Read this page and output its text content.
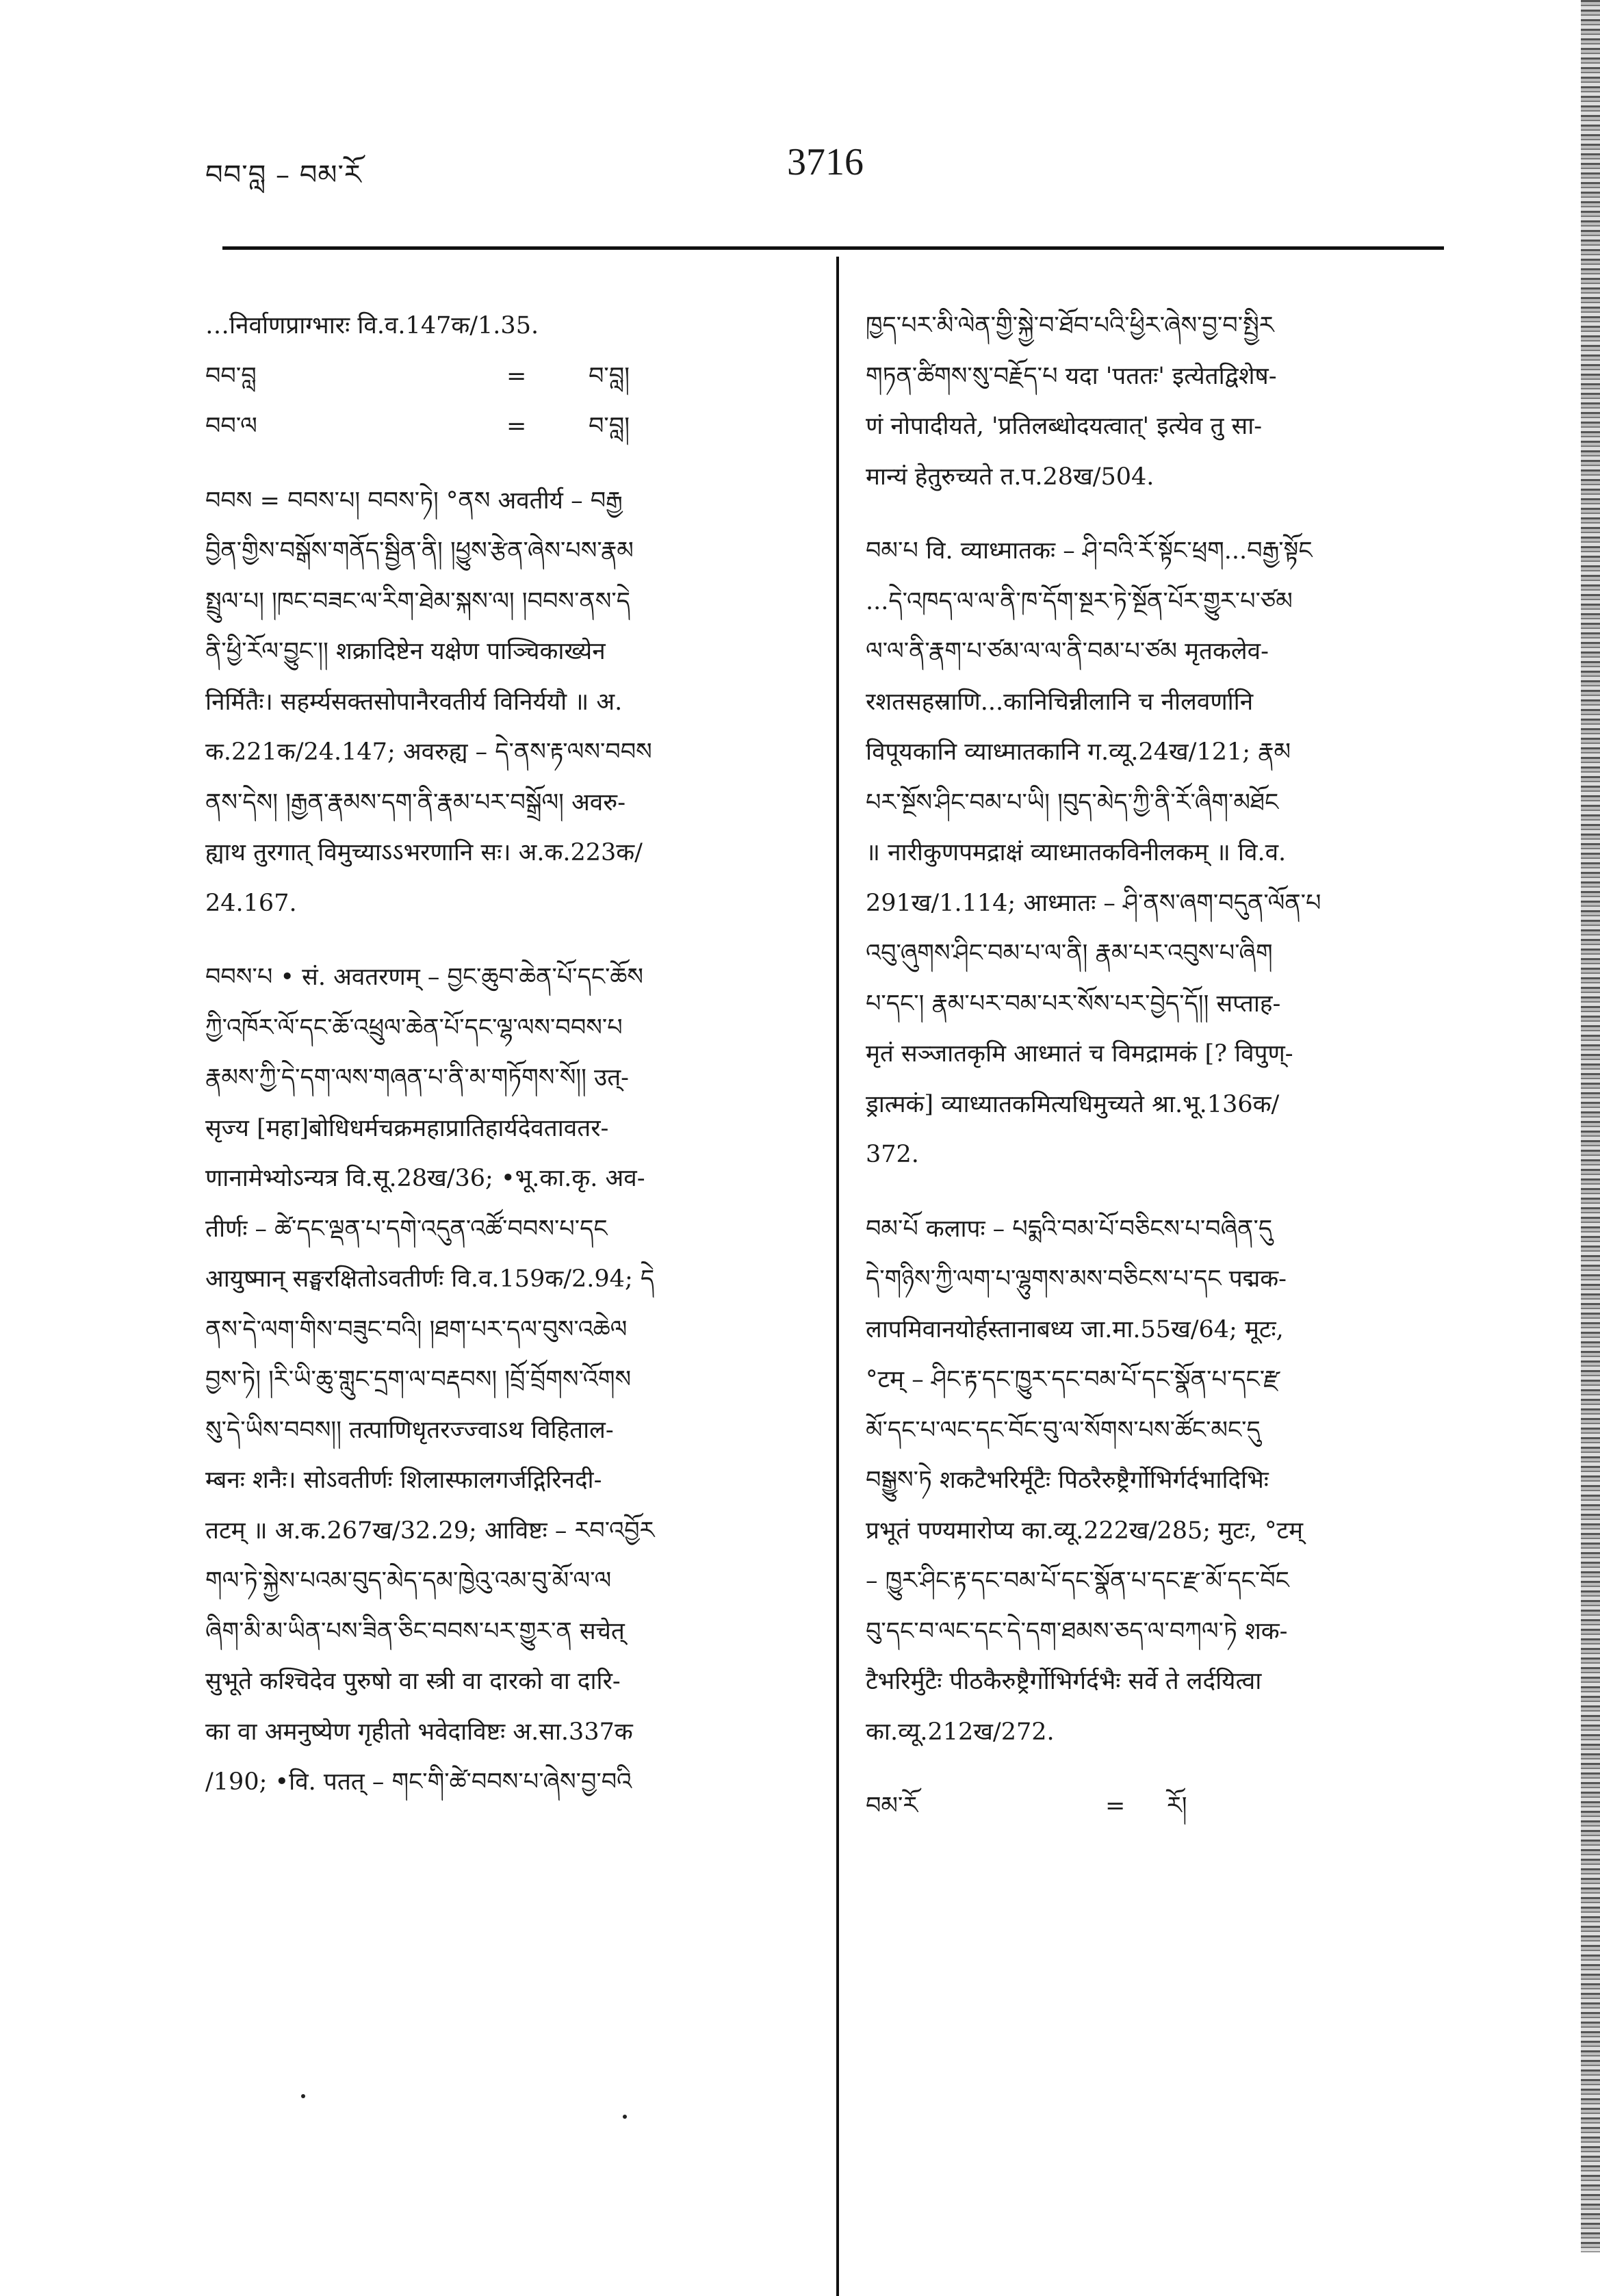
བབ་བླ – བམ་རོ	3716
…निर्वाणप्राग्भारः वि.व.147क/1.35.
བབ་བླ	=	བ་བླ།
བབ་ལ	=	བ་བླ།
བབས = བབས་པ། བབས་ཏེ། °ནས अवतीर्य – བརྒྱ
བྱིན་གྱིས་བསྒོས་གནོད་སྦྱིན་ནི། །ཕྱུས་རྩེན་ཞེས་པས་རྣམ
སྤྲུལ་པ། །ཁང་བཟང་ལ་རིག་ཐེམ་སྐས་ལ། །བབས་ནས་དེ
ནི་ཕྱི་རོལ་བྱུང་།། शक्रादिष्टेन यक्षेण पाञ्चिकाख्येन
निर्मितैः। सहर्म्यसक्तसोपानैरवतीर्य विनिर्ययौ ॥ अ.
क.221क/24.147; अवरुह्य – དེ་ནས་རྟ་ལས་བབས
ནས་དེས། །རྒྱན་རྣམས་དག་ནི་རྣམ་པར་བསྒྲོལ། अवरु-
ह्याथ तुरगात् विमुच्याऽऽभरणानि सः। अ.क.223क/
24.167.
བབས་པ • सं. अवतरणम् – བྱང་ཆུབ་ཆེན་པོ་དང་ཆོས
ཀྱི་འཁོར་ལོ་དང་ཆོ་འཕྲུལ་ཆེན་པོ་དང་ལྷ་ལས་བབས་པ
རྣམས་ཀྱི་དེ་དག་ལས་གཞན་པ་ནི་མ་གཏོགས་སོ།། उत्-
सृज्य [महा]बोधिधर्मचक्रमहाप्रातिहार्यदेवतावतर-
णानामेभ्योऽन्यत्र वि.सू.28ख/36; •भू.का.कृ. अव-
तीर्णः – ཚེ་དང་ལྡན་པ་དགེ་འདུན་འཚོ་བབས་པ་དང
आयुष्मान् सङ्घरक्षितोऽवतीर्णः वि.व.159क/2.94; དེ
ནས་དེ་ལག་གིས་བཟུང་བའི། །ཐག་པར་དལ་བུས་འཆེལ
བྱས་ཏེ། །རི་ཡི་ཆུ་གླུང་དྲག་ལ་བརྡབས། །བྲོ་བྲོགས་འོགས
སུ་དེ་ཡིས་བབས།། तत्पाणिधृतरज्ज्वाऽथ विहिताल-
म्बनः शनैः। सोऽवतीर्णः शिलास्फालगर्जद्गिरिनदी-
तटम् ॥ अ.क.267ख/32.29; आविष्टः – རབ་འབྱོར
གལ་ཏེ་སྐྱེས་པའམ་བུད་མེད་དམ་ཁྱེའུ་འམ་བུ་མོ་ལ་ལ
ཞིག་མི་མ་ཡིན་པས་ཟིན་ཅིང་བབས་པར་གྱུར་ན सचेत्
सुभूते कश्चिदेव पुरुषो वा स्त्री वा दारको वा दारि-
का वा अमनुष्येण गृहीतो भवेदाविष्टः अ.सा.337क
/190; •वि. पतत् – གང་གི་ཚེ་བབས་པ་ཞེས་བྱ་བའི
ཁྱད་པར་མི་ལེན་གྱི་སྐྱེ་བ་ཐོབ་པའི་ཕྱིར་ཞེས་བྱ་བ་སྤྱིར
གཏན་ཚིགས་སུ་བརྗོད་པ यदा 'पततः' इत्येतद्विशेष-
णं नोपादीयते, 'प्रतिलब्धोदयत्वात्' इत्येव तु सा-
मान्यं हेतुरुच्यते त.प.28ख/504.
བམ་པ वि. व्याध्मातकः – ཤི་བའི་རོ་སྟོང་ཕྲག...བརྒྱ་སྟོང
...དེ་འཁད་ལ་ལ་ནི་ཁ་དོག་སྔར་ཏེ་སྔོན་པོར་གྱུར་པ་ཙམ
ལ་ལ་ནི་རྣག་པ་ཙམ་ལ་ལ་ནི་བམ་པ་ཙམ मृतकलेव-
रशतसहस्राणि...कानिचिन्नीलानि च नीलवर्णानि
विपूयकानि व्याध्मातकानि ग.व्यू.24ख/121; རྣམ
པར་སྔོས་ཤིང་བམ་པ་ཡི། །བུད་མེད་ཀྱི་ནི་རོ་ཞིག་མཐོང
॥ नारीकुणपमद्राक्षं व्याध्मातकविनीलकम् ॥ वि.व.
291ख/1.114; आध्मातः – ཤི་ནས་ཞག་བདུན་ལོན་པ
འབུ་ཞུགས་ཤིང་བམ་པ་ལ་ནི། རྣམ་པར་འབུས་པ་ཞིག
པ་དང་། རྣམ་པར་བམ་པར་སོས་པར་བྱེད་དོ།། सप्ताह-
मृतं सञ्जातकृमि आध्मातं च विमद्रामकं [? विपुण्-
ड्रात्मकं] व्याध्यातकमित्यधिमुच्यते श्रा.भू.136क/
372.
བམ་པོ कलापः – པདྨའི་བམ་པོ་བཅིངས་པ་བཞིན་དུ
དེ་གཉིས་ཀྱི་ལག་པ་ལྷུགས་མས་བཅིངས་པ་དང पद्मक-
लापमिवानयोर्हस्तानाबध्य जा.मा.55ख/64; मूटः,
°टम् – ཤིང་རྟ་དང་ཁྱུར་དང་བམ་པོ་དང་སྣོན་པ་དང་རྫ
མོ་དང་པ་ལང་དང་བོང་བུ་ལ་སོགས་པས་ཚོང་མང་དུ
བསྒྱུས་ཏེ शकटैभरिर्मूटैः पिठरैरुष्ट्रैर्गोभिर्गर्दभादिभिः
प्रभूतं पण्यमारोप्य का.व्यू.222ख/285; मुटः, °टम्
– ཁྱུར་ཤིང་རྟ་དང་བམ་པོ་དང་སྣོན་པ་དང་རྫ་མོ་དང་བོང
བུ་དང་བ་ལང་དང་དེ་དག་ཐམས་ཅད་ལ་བཀལ་ཏེ शक-
टैभरिर्मुटैः पीठकैरुष्ट्रैर्गोभिर्गर्दभैः सर्वे ते लर्दयित्वा
का.व्यू.212ख/272.
བམ་རོ	=	རོ།
